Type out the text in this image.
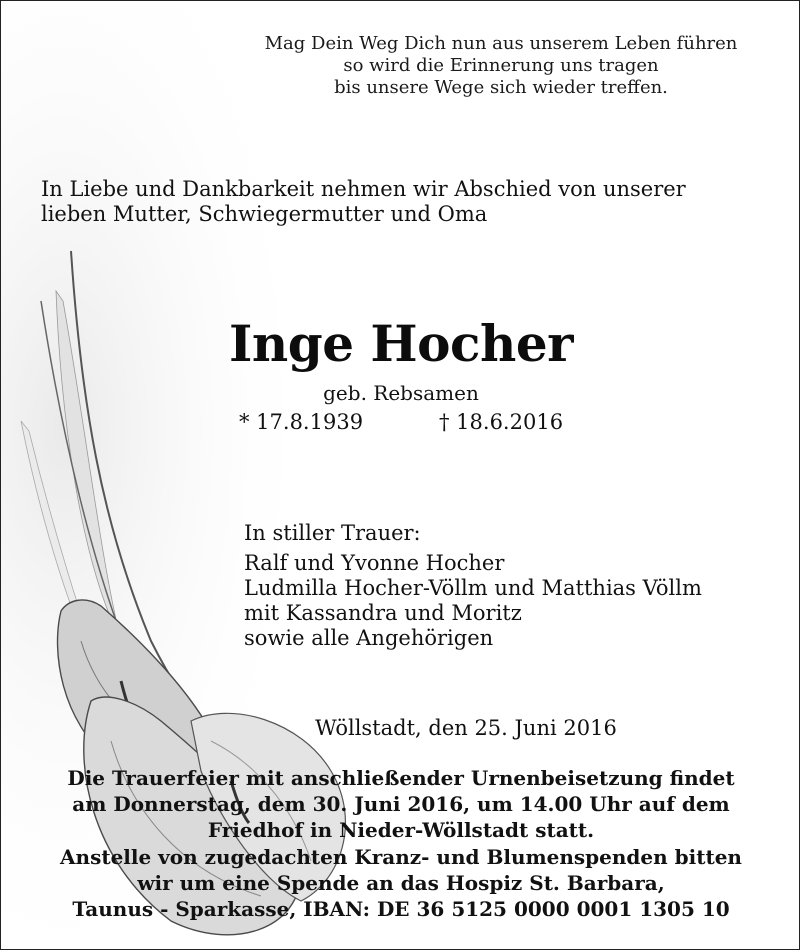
Mag Dein Weg Dich nun aus unserem Leben führen
so wird die Erinnerung uns tragen
bis unsere Wege sich wieder treffen.
In Liebe und Dankbarkeit nehmen wir Abschied von unserer
lieben Mutter, Schwiegermutter und Oma
Inge Hocher
geb. Rebsamen
* 17.8.1939	† 18.6.2016
In stiller Trauer:
Ralf und Yvonne Hocher
Ludmilla Hocher-Völlm und Matthias Völlm
mit Kassandra und Moritz
sowie alle Angehörigen
Wöllstadt, den 25. Juni 2016
Die Trauerfeier mit anschließender Urnenbeisetzung findet
am Donnerstag, dem 30. Juni 2016, um 14.00 Uhr auf dem
Friedhof in Nieder-Wöllstadt statt.
Anstelle von zugedachten Kranz- und Blumenspenden bitten
wir um eine Spende an das Hospiz St. Barbara,
Taunus - Sparkasse, IBAN: DE 36 5125 0000 0001 1305 10
